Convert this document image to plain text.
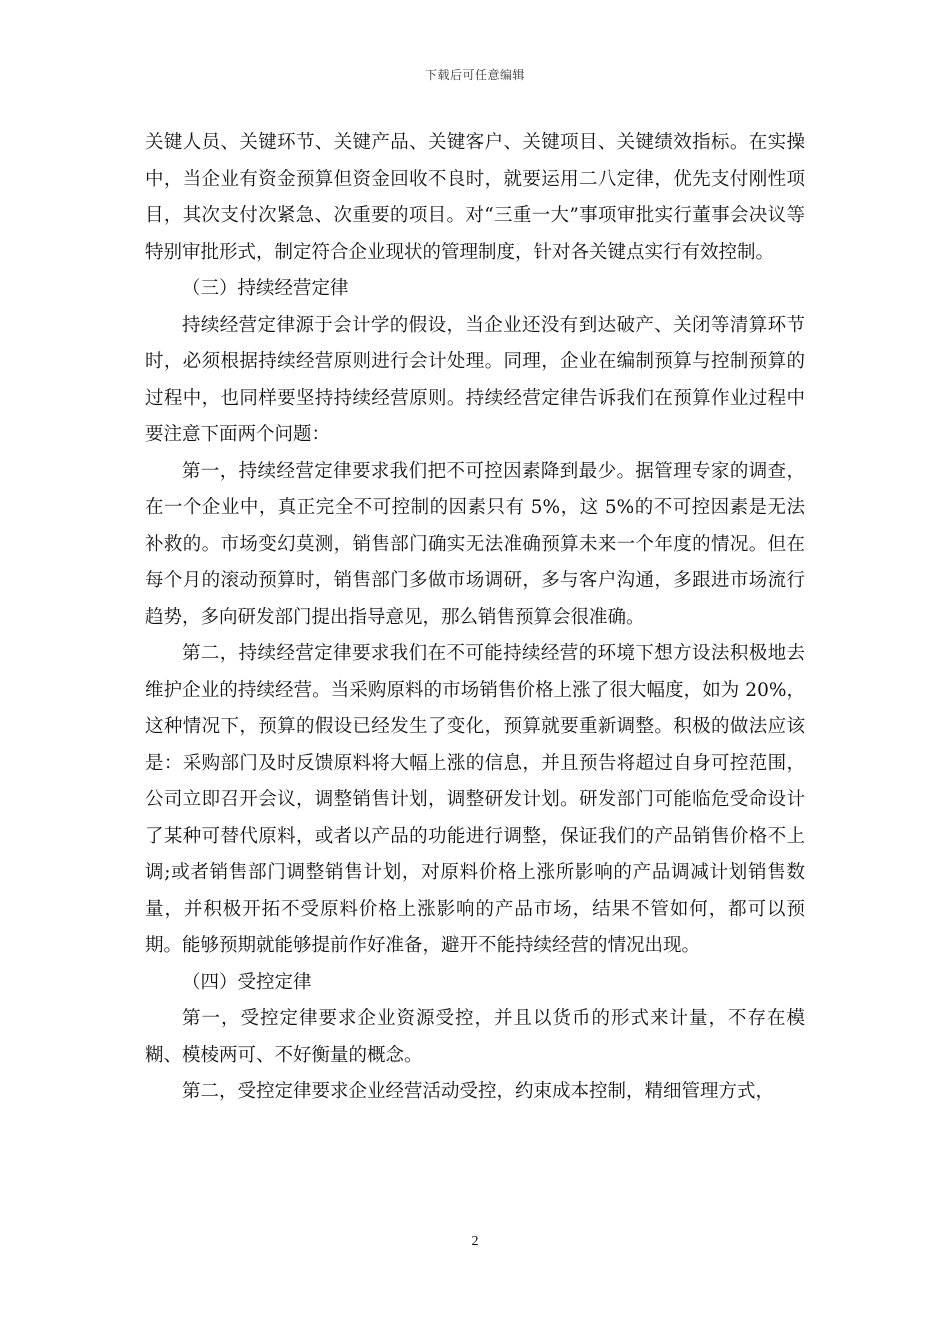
下载后可任意编辑

关键人员、关键环节、关键产品、关键客户、关键项目、关键绩效指标。在实操中，当企业有资金预算但资金回收不良时，就要运用二八定律，优先支付刚性项目，其次支付次紧急、次重要的项目。对“三重一大”事项审批实行董事会决议等特别审批形式，制定符合企业现状的管理制度，针对各关键点实行有效控制。

（三）持续经营定律

持续经营定律源于会计学的假设，当企业还没有到达破产、关闭等清算环节时，必须根据持续经营原则进行会计处理。同理，企业在编制预算与控制预算的过程中，也同样要坚持持续经营原则。持续经营定律告诉我们在预算作业过程中要注意下面两个问题：

第一，持续经营定律要求我们把不可控因素降到最少。据管理专家的调查，在一个企业中，真正完全不可控制的因素只有 5%，这 5%的不可控因素是无法补救的。市场变幻莫测，销售部门确实无法准确预算未来一个年度的情况。但在每个月的滚动预算时，销售部门多做市场调研，多与客户沟通，多跟进市场流行趋势，多向研发部门提出指导意见，那么销售预算会很准确。

第二，持续经营定律要求我们在不可能持续经营的环境下想方设法积极地去维护企业的持续经营。当采购原料的市场销售价格上涨了很大幅度，如为 20%，这种情况下，预算的假设已经发生了变化，预算就要重新调整。积极的做法应该是：采购部门及时反馈原料将大幅上涨的信息，并且预告将超过自身可控范围，公司立即召开会议，调整销售计划，调整研发计划。研发部门可能临危受命设计了某种可替代原料，或者以产品的功能进行调整，保证我们的产品销售价格不上调;或者销售部门调整销售计划，对原料价格上涨所影响的产品调减计划销售数量，并积极开拓不受原料价格上涨影响的产品市场，结果不管如何，都可以预期。能够预期就能够提前作好准备，避开不能持续经营的情况出现。

（四）受控定律

第一，受控定律要求企业资源受控，并且以货币的形式来计量，不存在模糊、模棱两可、不好衡量的概念。

第二，受控定律要求企业经营活动受控，约束成本控制，精细管理方式，

2
